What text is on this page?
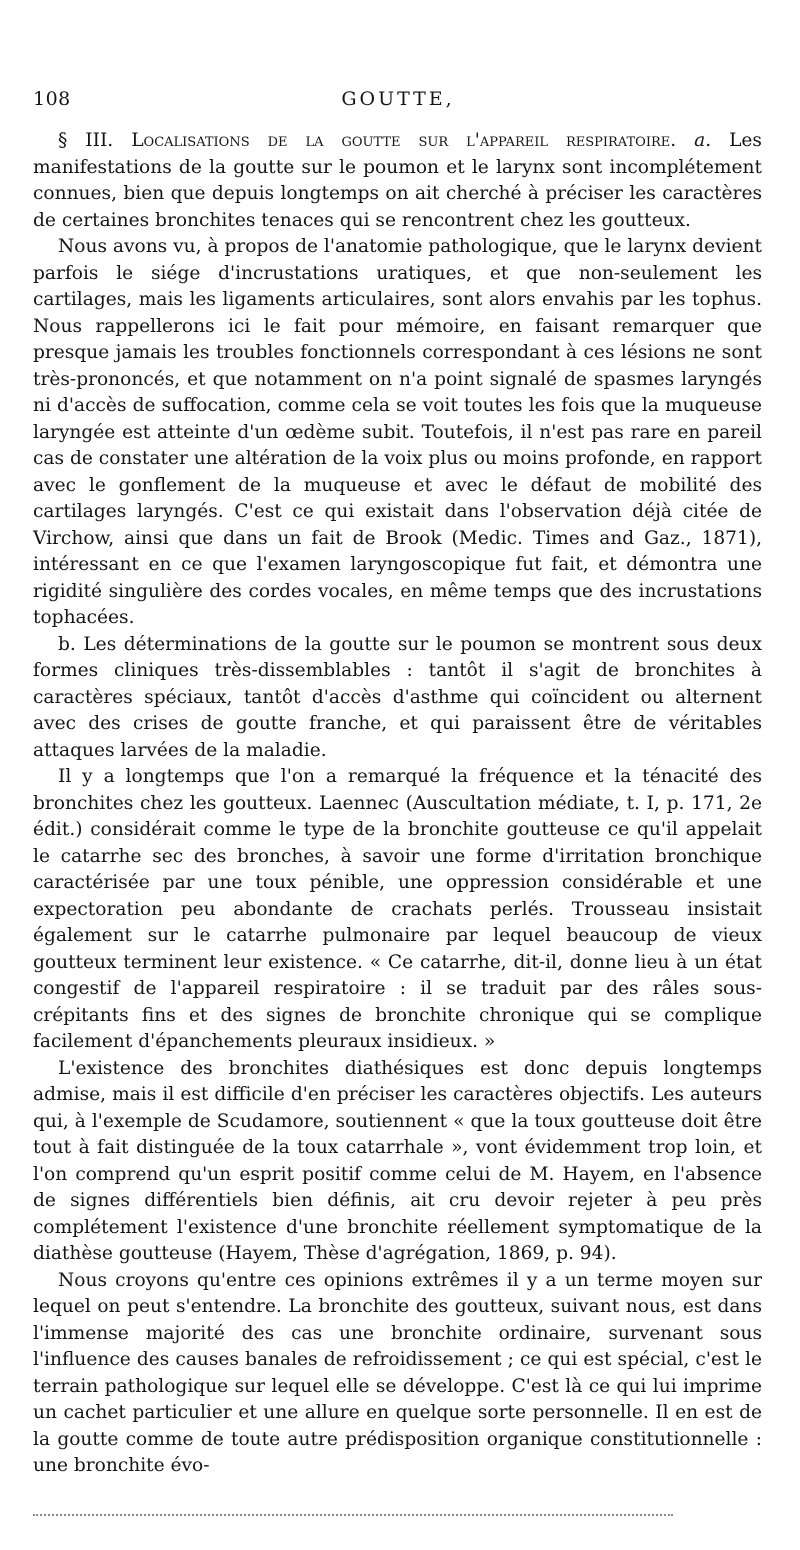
108	GOUTTE,

§ III. Localisations de la goutte sur l'appareil respiratoire. a. Les manifestations de la goutte sur le poumon et le larynx sont incomplétement connues, bien que depuis longtemps on ait cherché à préciser les caractères de certaines bronchites tenaces qui se rencontrent chez les goutteux.

Nous avons vu, à propos de l'anatomie pathologique, que le larynx devient parfois le siége d'incrustations uratiques, et que non-seulement les cartilages, mais les ligaments articulaires, sont alors envahis par les tophus. Nous rappellerons ici le fait pour mémoire, en faisant remarquer que presque jamais les troubles fonctionnels correspondant à ces lésions ne sont très-prononcés, et que notamment on n'a point signalé de spasmes laryngés ni d'accès de suffocation, comme cela se voit toutes les fois que la muqueuse laryngée est atteinte d'un œdème subit. Toutefois, il n'est pas rare en pareil cas de constater une altération de la voix plus ou moins profonde, en rapport avec le gonflement de la muqueuse et avec le défaut de mobilité des cartilages laryngés. C'est ce qui existait dans l'observation déjà citée de Virchow, ainsi que dans un fait de Brook (Medic. Times and Gaz., 1871), intéressant en ce que l'examen laryngoscopique fut fait, et démontra une rigidité singulière des cordes vocales, en même temps que des incrustations tophacées.

b. Les déterminations de la goutte sur le poumon se montrent sous deux formes cliniques très-dissemblables : tantôt il s'agit de bronchites à caractères spéciaux, tantôt d'accès d'asthme qui coïncident ou alternent avec des crises de goutte franche, et qui paraissent être de véritables attaques larvées de la maladie.

Il y a longtemps que l'on a remarqué la fréquence et la ténacité des bronchites chez les goutteux. Laennec (Auscultation médiate, t. I, p. 171, 2e édit.) considérait comme le type de la bronchite goutteuse ce qu'il appelait le catarrhe sec des bronches, à savoir une forme d'irritation bronchique caractérisée par une toux pénible, une oppression considérable et une expectoration peu abondante de crachats perlés. Trousseau insistait également sur le catarrhe pulmonaire par lequel beaucoup de vieux goutteux terminent leur existence. « Ce catarrhe, dit-il, donne lieu à un état congestif de l'appareil respiratoire : il se traduit par des râles sous-crépitants fins et des signes de bronchite chronique qui se complique facilement d'épanchements pleuraux insidieux. »

L'existence des bronchites diathésiques est donc depuis longtemps admise, mais il est difficile d'en préciser les caractères objectifs. Les auteurs qui, à l'exemple de Scudamore, soutiennent « que la toux goutteuse doit être tout à fait distinguée de la toux catarrhale », vont évidemment trop loin, et l'on comprend qu'un esprit positif comme celui de M. Hayem, en l'absence de signes différentiels bien définis, ait cru devoir rejeter à peu près complétement l'existence d'une bronchite réellement symptomatique de la diathèse goutteuse (Hayem, Thèse d'agrégation, 1869, p. 94).

Nous croyons qu'entre ces opinions extrêmes il y a un terme moyen sur lequel on peut s'entendre. La bronchite des goutteux, suivant nous, est dans l'immense majorité des cas une bronchite ordinaire, survenant sous l'influence des causes banales de refroidissement ; ce qui est spécial, c'est le terrain pathologique sur lequel elle se développe. C'est là ce qui lui imprime un cachet particulier et une allure en quelque sorte personnelle. Il en est de la goutte comme de toute autre prédisposition organique constitutionnelle : une bronchite évo-
